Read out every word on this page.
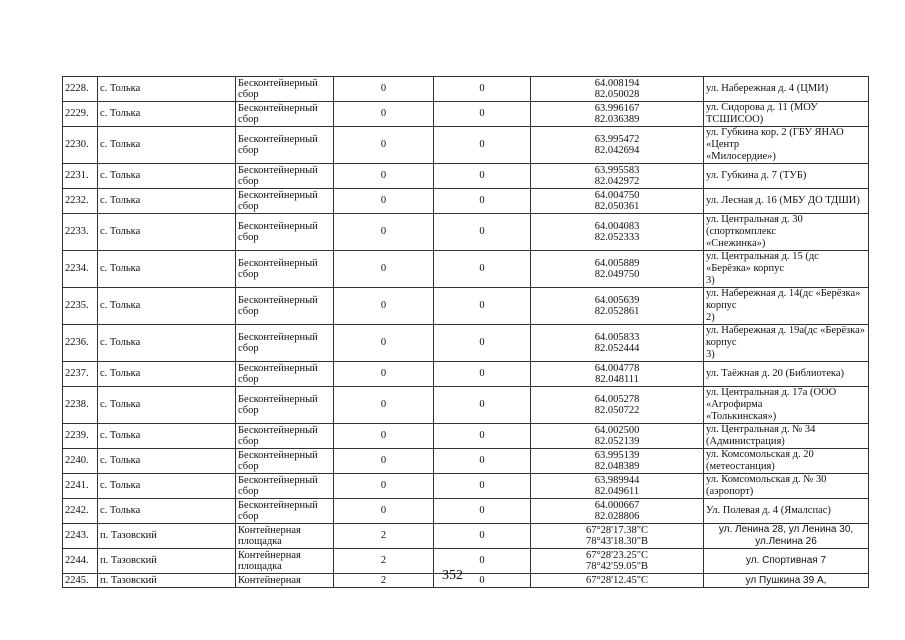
2228.	с. Толька	Бесконтейнерный
сбор	0	0	64.008194
82.050028	ул. Набережная д. 4 (ЦМИ)

2229.	с. Толька	Бесконтейнерный
сбор	0	0	63.996167
82.036389	ул. Сидорова д. 11 (МОУ ТСШИСОО)

2230.	с. Толька	Бесконтейнерный
сбор	0	0	63.995472
82.042694	ул. Губкина кор. 2 (ГБУ ЯНАО «Центр
«Милосердие»)

2231.	с. Толька	Бесконтейнерный
сбор	0	0	63.995583
82.042972	ул. Губкина д. 7 (ТУБ)

2232.	с. Толька	Бесконтейнерный
сбор	0	0	64.004750
82.050361	ул. Лесная д. 16 (МБУ ДО ТДШИ)

2233.	с. Толька	Бесконтейнерный
сбор	0	0	64.004083
82.052333	ул. Центральная д. 30 (спорткомплекс
«Снежинка»)

2234.	с. Толька	Бесконтейнерный
сбор	0	0	64.005889
82.049750	ул. Центральная д. 15 (дс «Берёзка» корпус
3)

2235.	с. Толька	Бесконтейнерный
сбор	0	0	64.005639
82.052861	ул. Набережная д. 14(дс «Берёзка» корпус
2)

2236.	с. Толька	Бесконтейнерный
сбор	0	0	64.005833
82.052444	ул. Набережная д. 19а(дс «Берёзка» корпус
3)

2237.	с. Толька	Бесконтейнерный
сбор	0	0	64.004778
82.048111	ул. Таёжная д. 20 (Библиотека)

2238.	с. Толька	Бесконтейнерный
сбор	0	0	64.005278
82.050722	ул. Центральная д. 17а (ООО «Агрофирма
«Толькинская»)

2239.	с. Толька	Бесконтейнерный
сбор	0	0	64.002500
82.052139	ул. Центральная д. № 34 (Администрация)

2240.	с. Толька	Бесконтейнерный
сбор	0	0	63.995139
82.048389	ул. Комсомольская д. 20 (метеостанция)

2241.	с. Толька	Бесконтейнерный
сбор	0	0	63.989944
82.049611	ул. Комсомольская д. № 30 (аэропорт)

2242.	с. Толька	Бесконтейнерный
сбор	0	0	64.000667
82.028806	Ул. Полевая д. 4 (Ямалспас)

2243.	п. Тазовский	Контейнерная
площадка	2	0	67°28'17.38"С
78°43'18.30"В	ул. Ленина 28, ул Ленина 30, ул.Ленина 26

2244.	п. Тазовский	Контейнерная
площадка	2	0	67°28'23.25"С
78°42'59.05"В	ул. Спортивная 7

2245.	п. Тазовский	Контейнерная	2	0	67°28'12.45"С	ул Пушкина 39 А,
352
